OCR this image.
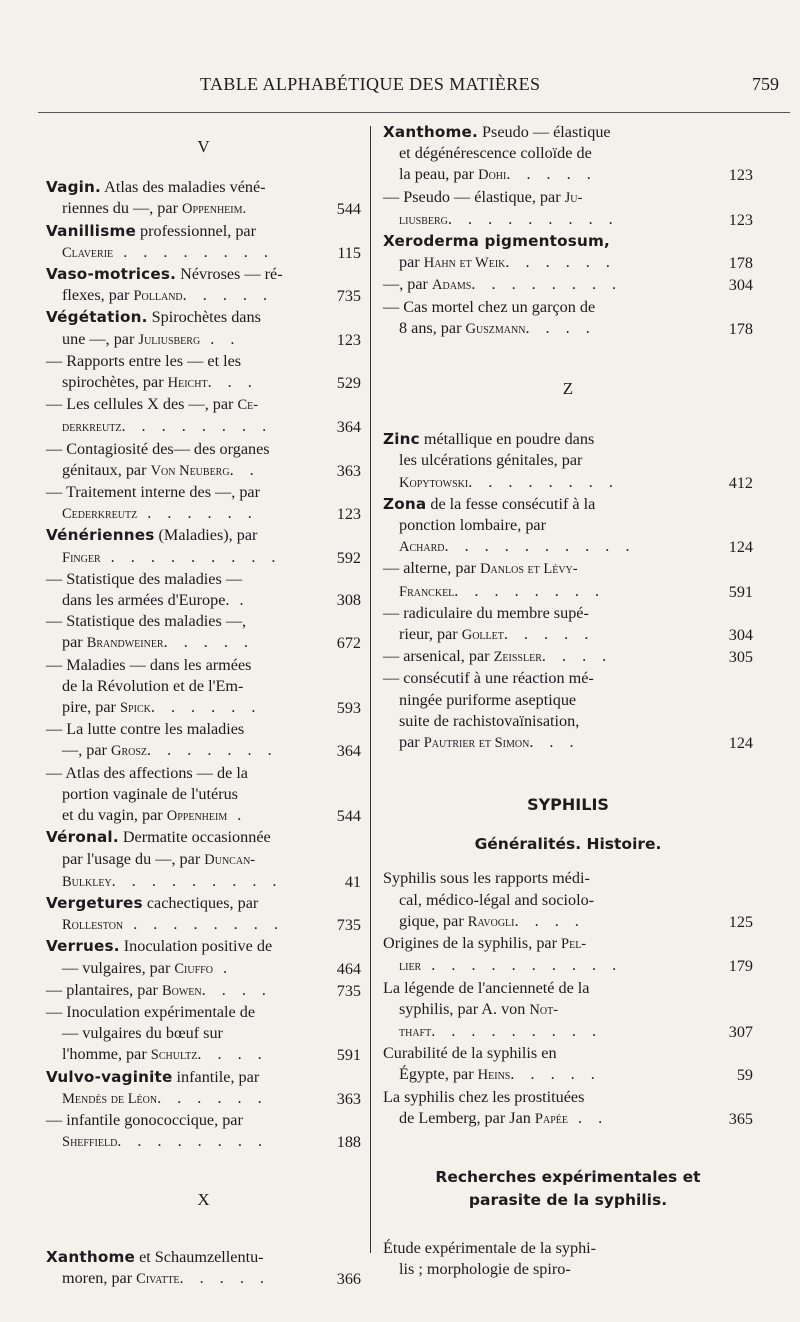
TABLE ALPHABÉTIQUE DES MATIÈRES	759
V
Vagin. Atlas des maladies véné-
riennes du —, par Oppenheim.	544
Vanillisme professionnel, par
Claverie . . . . . . . .	115
Vaso-motrices. Névroses — ré-
flexes, par Polland. . . . .	735
Végétation. Spirochètes dans
une —, par Juliusberg . .	123
— Rapports entre les — et les
spirochètes, par Heicht. . .	529
— Les cellules X des —, par Ce-
derkreutz. . . . . . . .	364
— Contagiosité des— des organes
génitaux, par Von Neuberg. .	363
— Traitement interne des —, par
Cederkreutz . . . . . .	123
Vénériennes (Maladies), par
Finger . . . . . . . . .	592
— Statistique des maladies —
dans les armées d'Europe. .	308
— Statistique des maladies —,
par Brandweiner. . . . .	672
— Maladies — dans les armées
de la Révolution et de l'Em-
pire, par Spick. . . . . .	593
— La lutte contre les maladies
—, par Grosz. . . . . . .	364
— Atlas des affections — de la
portion vaginale de l'utérus
et du vagin, par Oppenheim .	544
Véronal. Dermatite occasionnée
par l'usage du —, par Duncan-
Bulkley. . . . . . . . .	41
Vergetures cachectiques, par
Rolleston . . . . . . . .	735
Verrues. Inoculation positive de
— vulgaires, par Ciuffo .	464
— plantaires, par Bowen. . . .	735
— Inoculation expérimentale de
— vulgaires du bœuf sur
l'homme, par Schultz. . . .	591
Vulvo-vaginite infantile, par
Mendès de Léon. . . . . .	363
— infantile gonococcique, par
Sheffield. . . . . . . .	188
X
Xanthome et Schaumzellentu-
moren, par Civatte. . . . .	366
Xanthome. Pseudo — élastique
et dégénérescence colloïde de
la peau, par Dohi. . . . .	123
— Pseudo — élastique, par Ju-
liusberg. . . . . . . . .	123
Xeroderma pigmentosum,
par Hahn et Weik. . . . . .	178
—, par Adams. . . . . . . .	304
— Cas mortel chez un garçon de
8 ans, par Guszmann. . . .	178
Z
Zinc métallique en poudre dans
les ulcérations génitales, par
Kopytowski. . . . . . . .	412
Zona de la fesse consécutif à la
ponction lombaire, par
Achard. . . . . . . . . .	124
— alterne, par Danlos et Lévy-
Franckel. . . . . . . .	591
— radiculaire du membre supé-
rieur, par Gollet. . . . .	304
— arsenical, par Zeissler. . . .	305
— consécutif à une réaction mé-
ningée puriforme aseptique
suite de rachistovaïnisation,
par Pautrier et Simon. . .	124
SYPHILIS
Généralités. Histoire.
Syphilis sous les rapports médi-
cal, médico-légal and sociolo-
gique, par Ravogli. . . .	125
Origines de la syphilis, par Pel-
lier . . . . . . . . . .	179
La légende de l'ancienneté de la
syphilis, par A. von Not-
thaft. . . . . . . . .	307
Curabilité de la syphilis en
Égypte, par Heins. . . . .	59
La syphilis chez les prostituées
de Lemberg, par Jan Papée . .	365
Recherches expérimentales et
parasite de la syphilis.
Étude expérimentale de la syphi-
lis ; morphologie de spiro-
